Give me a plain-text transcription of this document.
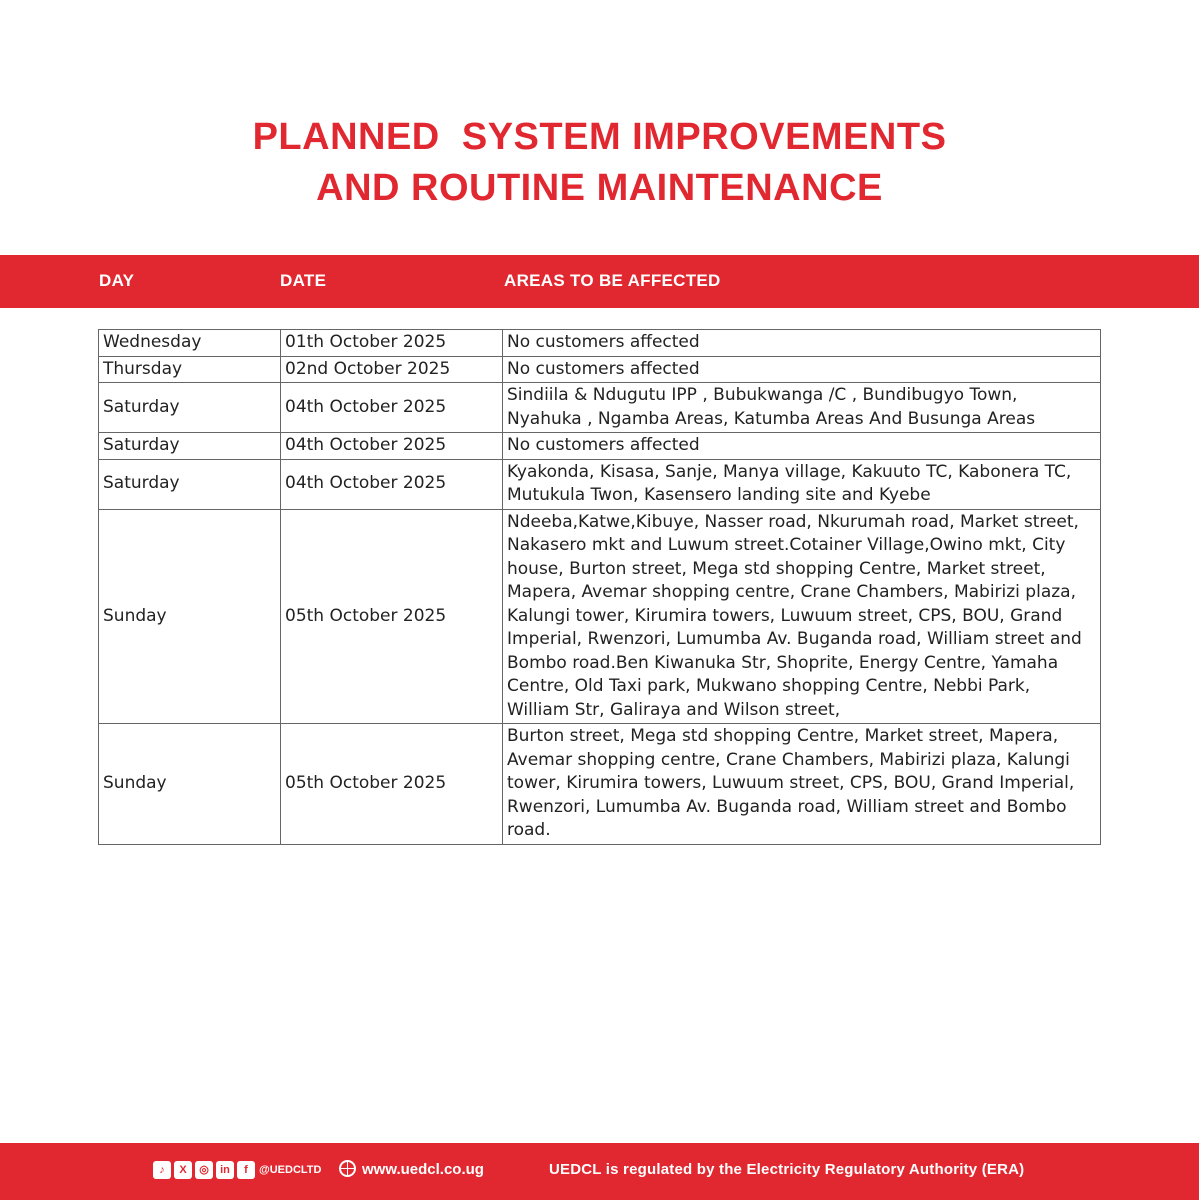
PLANNED  SYSTEM IMPROVEMENTS
AND ROUTINE MAINTENANCE
DAY	DATE	AREAS TO BE AFFECTED
Wednesday	01th October 2025	No customers affected
Thursday	02nd October 2025	No customers affected
Saturday	04th October 2025	Sindiila & Ndugutu IPP , Bubukwanga /C , Bundibugyo Town, Nyahuka , Ngamba Areas, Katumba Areas And Busunga Areas
Saturday	04th October 2025	No customers affected
Saturday	04th October 2025	Kyakonda, Kisasa, Sanje, Manya village, Kakuuto TC, Kabonera TC, Mutukula Twon, Kasensero landing site and Kyebe
Sunday	05th October 2025	Ndeeba,Katwe,Kibuye, Nasser road, Nkurumah road, Market street, Nakasero mkt and Luwum street.Cotainer Village,Owino mkt, City house, Burton street, Mega std shopping Centre, Market street, Mapera, Avemar shopping centre, Crane Chambers, Mabirizi plaza, Kalungi tower, Kirumira towers, Luwuum street, CPS, BOU, Grand Imperial, Rwenzori, Lumumba Av. Buganda road, William street and Bombo road.Ben Kiwanuka Str, Shoprite, Energy Centre, Yamaha Centre, Old Taxi park, Mukwano shopping Centre, Nebbi Park, William Str, Galiraya and Wilson street,
Sunday	05th October 2025	Burton street, Mega std shopping Centre, Market street, Mapera, Avemar shopping centre, Crane Chambers, Mabirizi plaza, Kalungi tower, Kirumira towers, Luwuum street, CPS, BOU, Grand Imperial, Rwenzori, Lumumba Av. Buganda road, William street and Bombo road.
♪	X	◎	in	f	@UEDCLTD	www.uedcl.co.ug	UEDCL is regulated by the Electricity Regulatory Authority (ERA)
